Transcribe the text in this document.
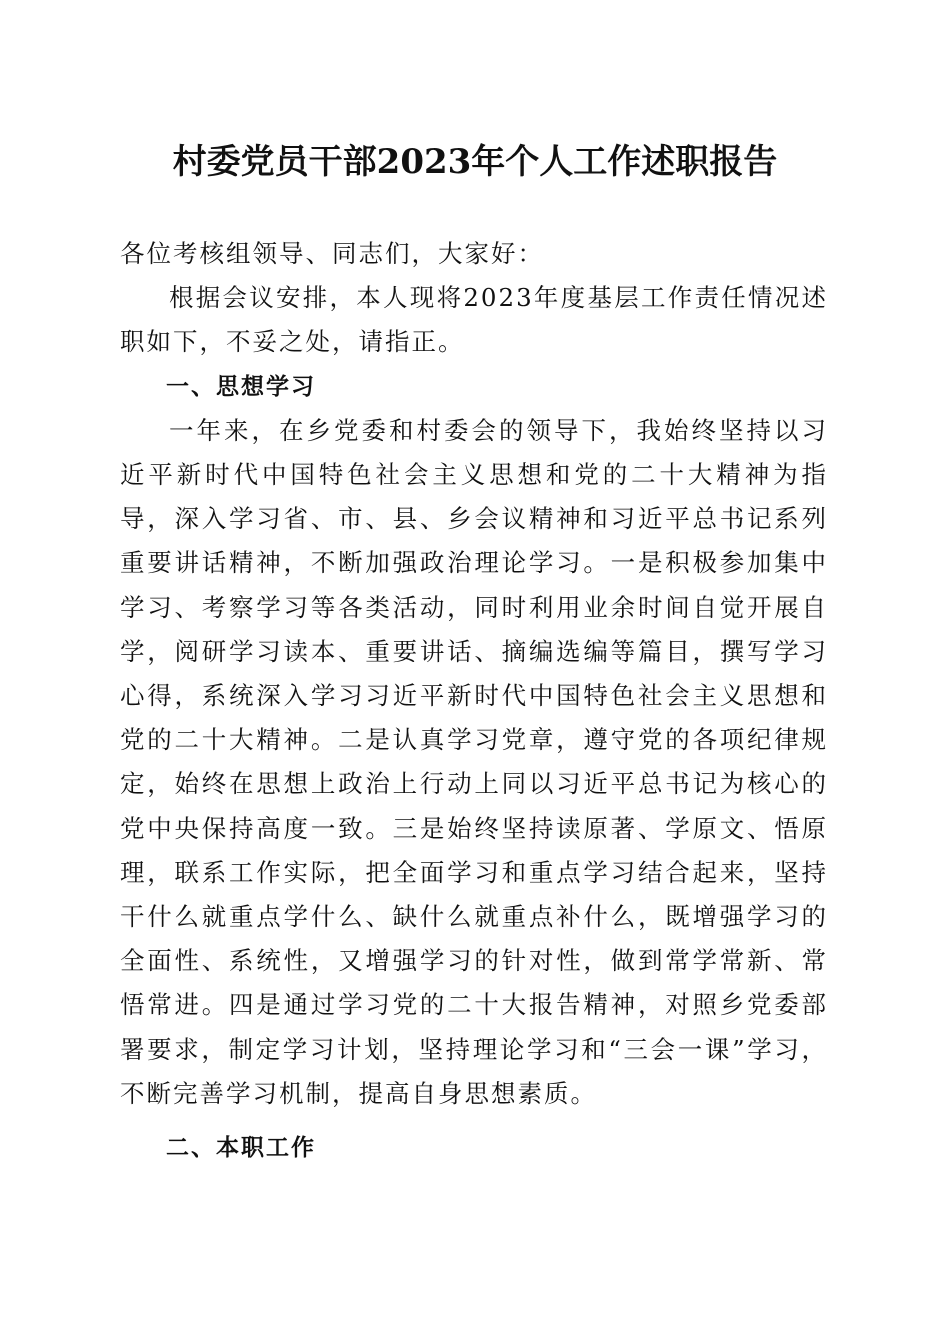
村委党员干部2023年个人工作述职报告

各位考核组领导、同志们，大家好：

根据会议安排，本人现将2023年度基层工作责任情况述职如下，不妥之处，请指正。

一、思想学习

一年来，在乡党委和村委会的领导下，我始终坚持以习近平新时代中国特色社会主义思想和党的二十大精神为指导，深入学习省、市、县、乡会议精神和习近平总书记系列重要讲话精神，不断加强政治理论学习。一是积极参加集中学习、考察学习等各类活动，同时利用业余时间自觉开展自学，阅研学习读本、重要讲话、摘编选编等篇目，撰写学习心得，系统深入学习习近平新时代中国特色社会主义思想和党的二十大精神。二是认真学习党章，遵守党的各项纪律规定，始终在思想上政治上行动上同以习近平总书记为核心的党中央保持高度一致。三是始终坚持读原著、学原文、悟原理，联系工作实际，把全面学习和重点学习结合起来，坚持干什么就重点学什么、缺什么就重点补什么，既增强学习的全面性、系统性，又增强学习的针对性，做到常学常新、常悟常进。四是通过学习党的二十大报告精神，对照乡党委部署要求，制定学习计划，坚持理论学习和“三会一课”学习，不断完善学习机制，提高自身思想素质。

二、本职工作
